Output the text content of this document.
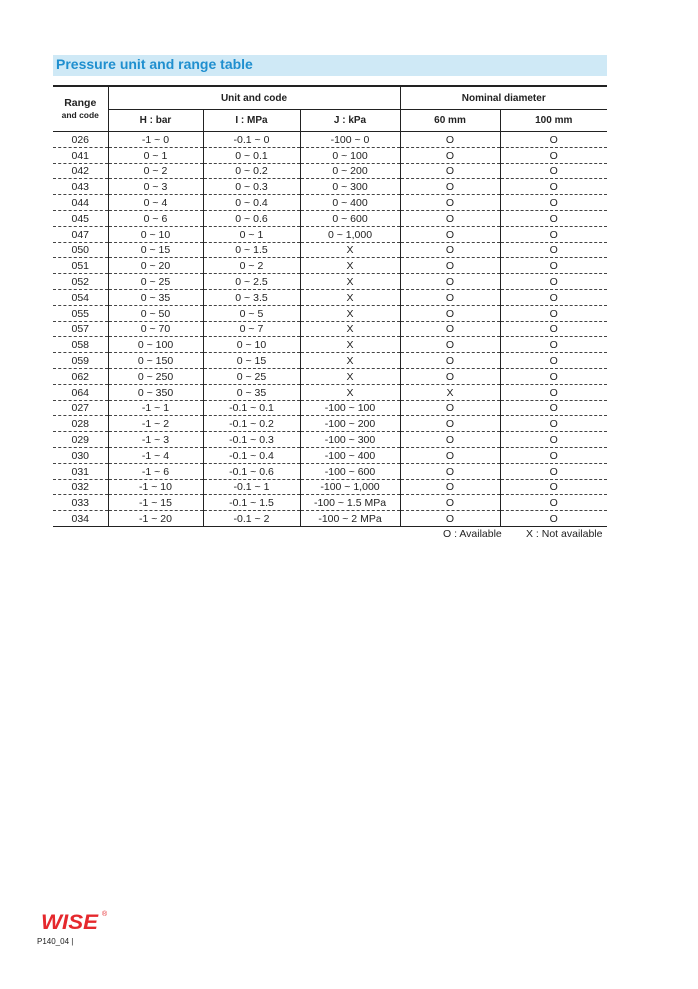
Pressure unit and range table
Range
and code	Unit and code			Nominal diameter	
	H : bar	I : MPa	J : kPa	60 mm	100 mm
026	-1 ~ 0	-0.1 ~ 0	-100 ~ 0	O	O
041	0 ~ 1	0 ~ 0.1	0 ~ 100	O	O
042	0 ~ 2	0 ~ 0.2	0 ~ 200	O	O
043	0 ~ 3	0 ~ 0.3	0 ~ 300	O	O
044	0 ~ 4	0 ~ 0.4	0 ~ 400	O	O
045	0 ~ 6	0 ~ 0.6	0 ~ 600	O	O
047	0 ~ 10	0 ~ 1	0 ~ 1,000	O	O
050	0 ~ 15	0 ~ 1.5	X	O	O
051	0 ~ 20	0 ~ 2	X	O	O
052	0 ~ 25	0 ~ 2.5	X	O	O
054	0 ~ 35	0 ~ 3.5	X	O	O
055	0 ~ 50	0 ~ 5	X	O	O
057	0 ~ 70	0 ~ 7	X	O	O
058	0 ~ 100	0 ~ 10	X	O	O
059	0 ~ 150	0 ~ 15	X	O	O
062	0 ~ 250	0 ~ 25	X	O	O
064	0 ~ 350	0 ~ 35	X	X	O
027	-1 ~ 1	-0.1 ~ 0.1	-100 ~ 100	O	O
028	-1 ~ 2	-0.1 ~ 0.2	-100 ~ 200	O	O
029	-1 ~ 3	-0.1 ~ 0.3	-100 ~ 300	O	O
030	-1 ~ 4	-0.1 ~ 0.4	-100 ~ 400	O	O
031	-1 ~ 6	-0.1 ~ 0.6	-100 ~ 600	O	O
032	-1 ~ 10	-0.1 ~ 1	-100 ~ 1,000	O	O
033	-1 ~ 15	-0.1 ~ 1.5	-100 ~ 1.5 MPa	O	O
034	-1 ~ 20	-0.1 ~ 2	-100 ~ 2 MPa	O	O
O : Available X : Not available
WISE ®
P140_04 |
